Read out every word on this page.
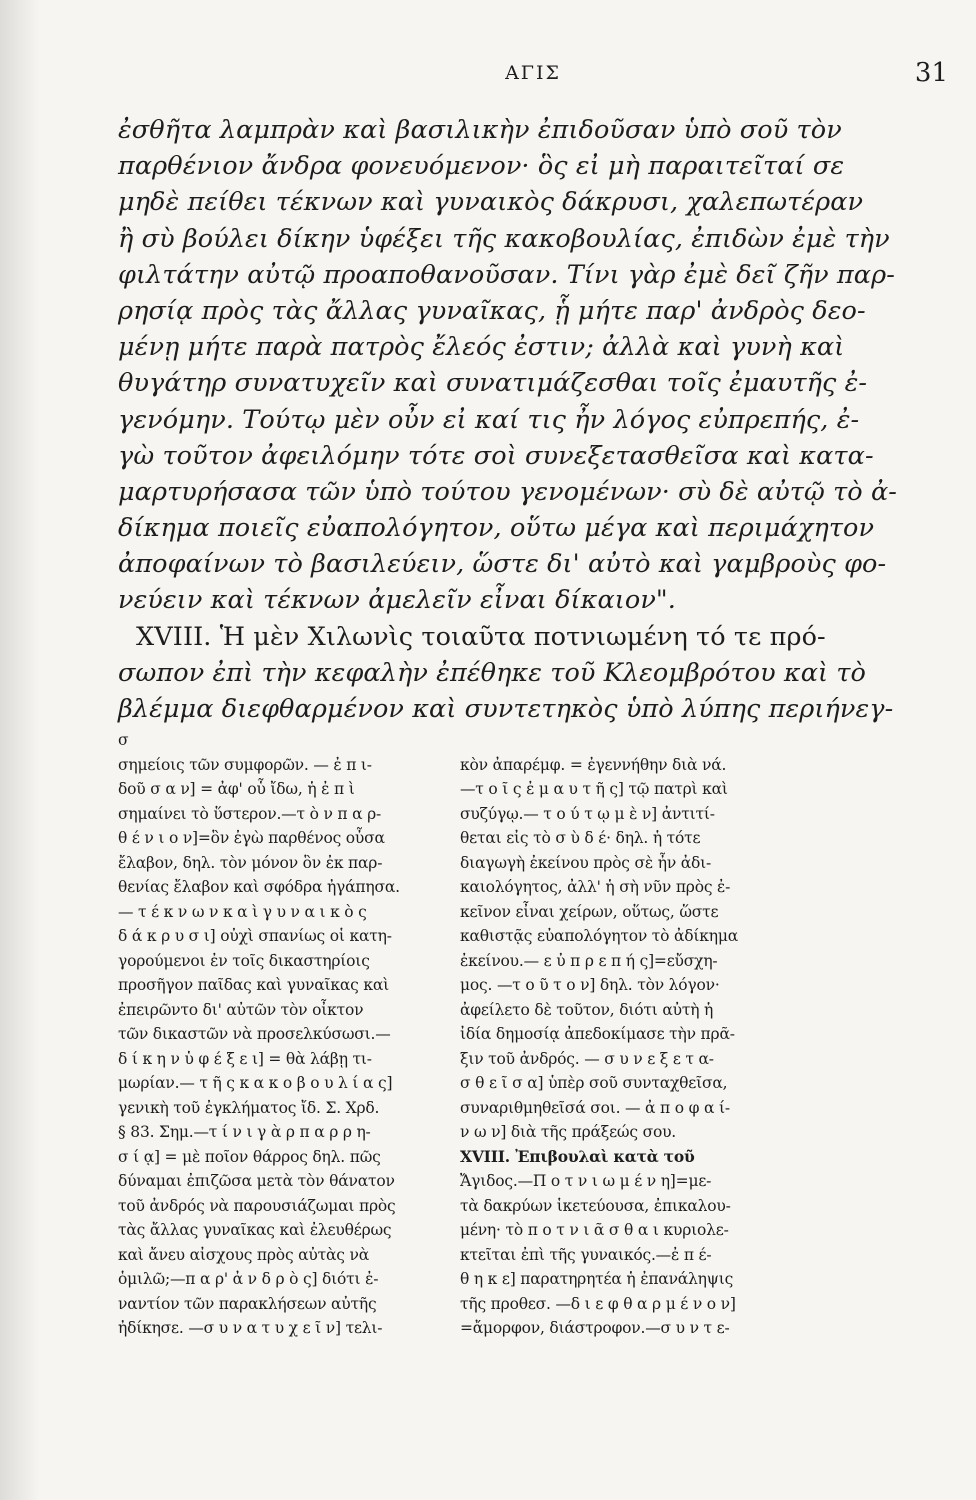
ΑΓΙΣ	31
ἐσθῆτα λαμπρὰν καὶ βασιλικὴν ἐπιδοῦσαν ὑπὸ σοῦ τὸν
παρθένιον ἄνδρα φονευόμενον· ὃς εἰ μὴ παραιτεῖταί σε
μηδὲ πείθει τέκνων καὶ γυναικὸς δάκρυσι, χαλεπωτέραν
ἢ σὺ βούλει δίκην ὑφέξει τῆς κακοβουλίας, ἐπιδὼν ἐμὲ τὴν
φιλτάτην αὐτῷ προαποθανοῦσαν. Τίνι γὰρ ἐμὲ δεῖ ζῆν παρ-
ρησίᾳ πρὸς τὰς ἄλλας γυναῖκας, ᾗ μήτε παρ' ἀνδρὸς δεο-
μένῃ μήτε παρὰ πατρὸς ἔλεός ἐστιν; ἀλλὰ καὶ γυνὴ καὶ
θυγάτηρ συνατυχεῖν καὶ συνατιμάζεσθαι τοῖς ἐμαυτῆς ἐ-
γενόμην. Τούτῳ μὲν οὖν εἰ καί τις ἦν λόγος εὐπρεπής, ἐ-
γὼ τοῦτον ἀφειλόμην τότε σοὶ συνεξετασθεῖσα καὶ κατα-
μαρτυρήσασα τῶν ὑπὸ τούτου γενομένων· σὺ δὲ αὐτῷ τὸ ἀ-
δίκημα ποιεῖς εὐαπολόγητον, οὕτω μέγα καὶ περιμάχητον
ἀποφαίνων τὸ βασιλεύειν, ὥστε δι' αὐτὸ καὶ γαμβροὺς φο-
νεύειν καὶ τέκνων ἀμελεῖν εἶναι δίκαιον".
XVIII. Ἡ μὲν Χιλωνὶς τοιαῦτα ποτνιωμένη τό τε πρό-
σωπον ἐπὶ τὴν κεφαλὴν ἐπέθηκε τοῦ Κλεομβρότου καὶ τὸ
βλέμμα διεφθαρμένον καὶ συντετηκὸς ὑπὸ λύπης περιήνεγ-
σ
σημείοις τῶν συμφορῶν. — ἐ π ι-
δοῦ σ α ν] = ἀφ' οὗ ἴδω, ἡ ἐ π ὶ
σημαίνει τὸ ὕστερον.—τ ὸ ν π α ρ-
θ έ ν ι ο ν]=ὃν ἐγὼ παρθένος οὖσα
ἔλαβον, δηλ. τὸν μόνον ὃν ἐκ παρ-
θενίας ἔλαβον καὶ σφόδρα ἠγάπησα.
— τ έ κ ν ω ν κ α ὶ γ υ ν α ι κ ὸ ς
δ ά κ ρ υ σ ι] οὐχὶ σπανίως οἱ κατη-
γορούμενοι ἐν τοῖς δικαστηρίοις
προσῆγον παῖδας καὶ γυναῖκας καὶ
ἐπειρῶντο δι' αὐτῶν τὸν οἶκτον
τῶν δικαστῶν νὰ προσελκύσωσι.—
δ ί κ η ν ὑ φ έ ξ ε ι] = θὰ λάβῃ τι-
μωρίαν.— τ ῆ ς κ α κ ο β ο υ λ ί α ς]
γενικὴ τοῦ ἐγκλήματος ἴδ. Σ. Χρδ.
§ 83. Σημ.—τ ί ν ι γ ὰ ρ π α ρ ρ η-
σ ί ᾳ] = μὲ ποῖον θάρρος δηλ. πῶς
δύναμαι ἐπιζῶσα μετὰ τὸν θάνατον
τοῦ ἀνδρός νὰ παρουσιάζωμαι πρὸς
τὰς ἄλλας γυναῖκας καὶ ἐλευθέρως
καὶ ἄνευ αἰσχους πρὸς αὐτὰς νὰ
ὁμιλῶ;—π α ρ' ἀ ν δ ρ ὸ ς] διότι ἐ-
ναντίον τῶν παρακλήσεων αὐτῆς
ἠδίκησε. —σ υ ν α τ υ χ ε ῖ ν] τελι-
κὸν ἀπαρέμφ. = ἐγεννήθην διὰ νά.
—τ ο ῖ ς ἐ μ α υ τ ῆ ς] τῷ πατρὶ καὶ
συζύγῳ.— τ ο ύ τ ῳ μ ὲ ν] ἀντιτί-
θεται εἰς τὸ σ ὺ δ έ· δηλ. ἡ τότε
διαγωγὴ ἐκείνου πρὸς σὲ ἦν ἀδι-
καιολόγητος, ἀλλ' ἡ σὴ νῦν πρὸς ἐ-
κεῖνον εἶναι χείρων, οὕτως, ὥστε
καθιστᾷς εὐαπολόγητον τὸ ἀδίκημα
ἐκείνου.— ε ὐ π ρ ε π ή ς]=εὔσχη-
μος. —τ ο ῦ τ ο ν] δηλ. τὸν λόγον·
ἀφείλετο δὲ τοῦτον, διότι αὐτὴ ἡ
ἰδία δημοσίᾳ ἀπεδοκίμασε τὴν πρᾶ-
ξιν τοῦ ἀνδρός. — σ υ ν ε ξ ε τ α-
σ θ ε ῖ σ α] ὑπὲρ σοῦ συνταχθεῖσα,
συναριθμηθεῖσά σοι. — ἀ π ο φ α ί-
ν ω ν] διὰ τῆς πράξεώς σου.
XVIII. Ἐπιβουλαὶ κατὰ τοῦ
Ἄγιδος.—Π ο τ ν ι ω μ έ ν η]=με-
τὰ δακρύων ἱκετεύουσα, ἐπικαλου-
μένη· τὸ π ο τ ν ι ᾶ σ θ α ι κυριολε-
κτεῖται ἐπὶ τῆς γυναικός.—ἐ π έ-
θ η κ ε] παρατηρητέα ἡ ἐπανάληψις
τῆς προθεσ. —δ ι ε φ θ α ρ μ έ ν ο ν]
=ἄμορφον, διάστροφον.—σ υ ν τ ε-
